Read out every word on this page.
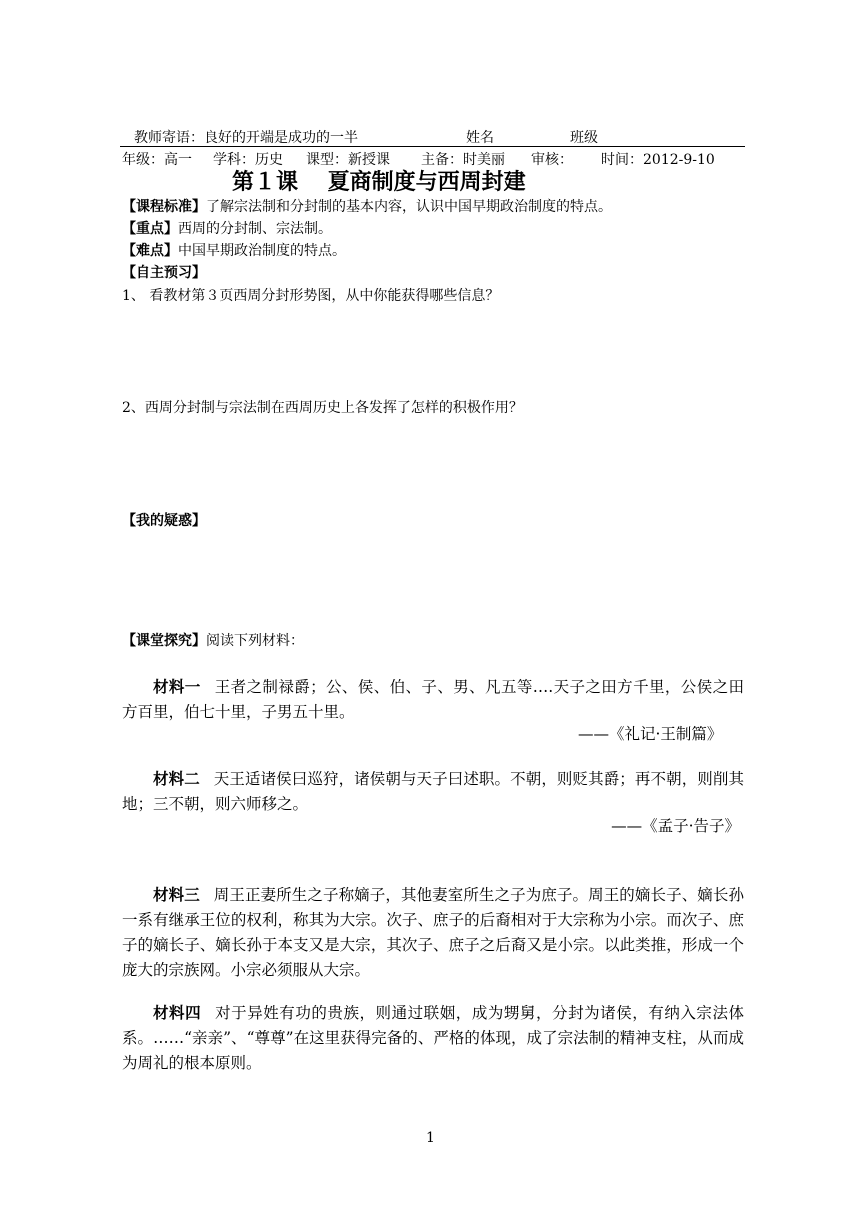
教师寄语：良好的开端是成功的一半	姓名	班级
年级：高一 学科：历史 课型：新授课 主备：时美丽 审核： 时间：2012-9-10
第１课　 夏商制度与西周封建
【课程标准】了解宗法制和分封制的基本内容，认识中国早期政治制度的特点。
【重点】西周的分封制、宗法制。
【难点】中国早期政治制度的特点。
【自主预习】
1、 看教材第３页西周分封形势图，从中你能获得哪些信息？
2、西周分封制与宗法制在西周历史上各发挥了怎样的积极作用？
【我的疑惑】
【课堂探究】阅读下列材料：
材料一 王者之制禄爵；公、侯、伯、子、男、凡五等….天子之田方千里，公侯之田方百里，伯七十里，子男五十里。
——《礼记·王制篇》
材料二 天王适诸侯曰巡狩，诸侯朝与天子曰述职。不朝，则贬其爵；再不朝，则削其地；三不朝，则六师移之。
——《孟子·告子》
材料三 周王正妻所生之子称嫡子，其他妻室所生之子为庶子。周王的嫡长子、嫡长孙一系有继承王位的权利，称其为大宗。次子、庶子的后裔相对于大宗称为小宗。而次子、庶子的嫡长子、嫡长孙于本支又是大宗，其次子、庶子之后裔又是小宗。以此类推，形成一个庞大的宗族网。小宗必须服从大宗。
材料四 对于异姓有功的贵族，则通过联姻，成为甥舅，分封为诸侯，有纳入宗法体系。……“亲亲”、“尊尊”在这里获得完备的、严格的体现，成了宗法制的精神支柱，从而成为周礼的根本原则。
1
